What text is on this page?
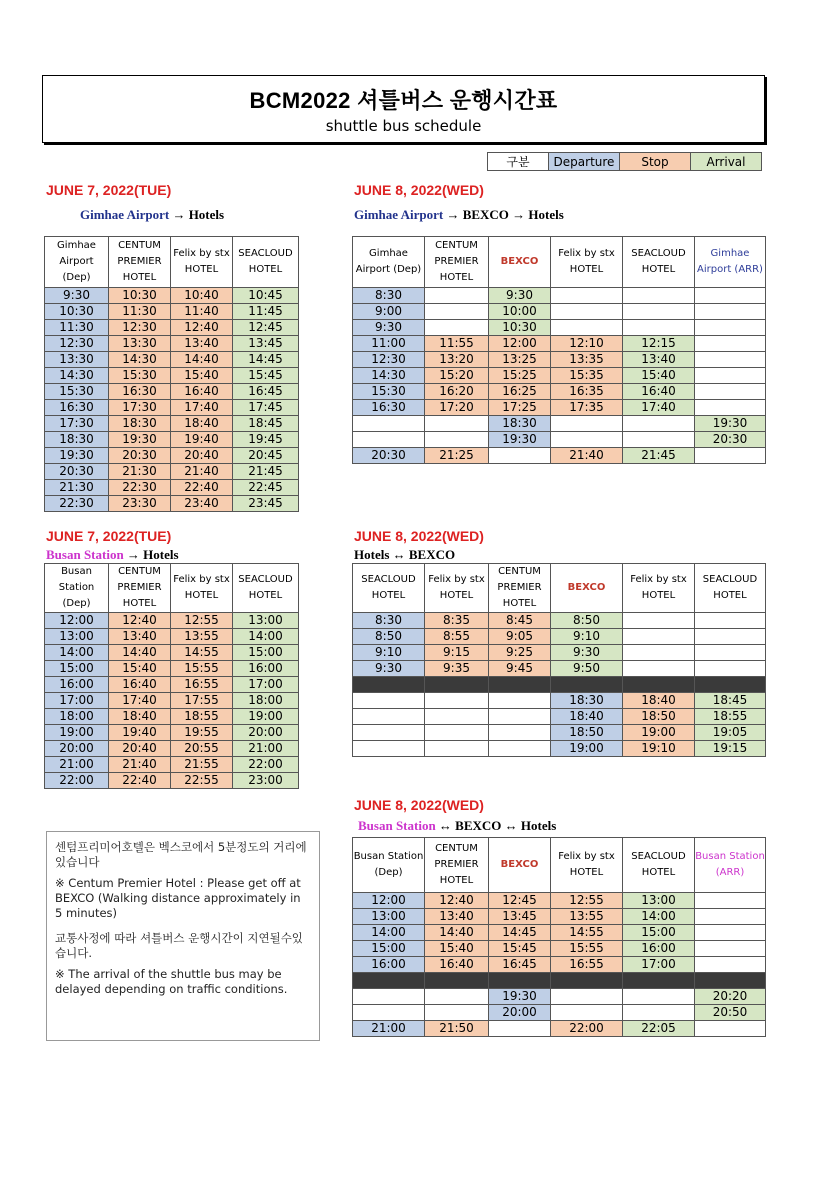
BCM2022 셔틀버스 운행시간표
shuttle bus schedule
구분	Departure	Stop	Arrival
JUNE 7, 2022(TUE)
Gimhae Airport → Hotels
JUNE 8, 2022(WED)
Gimhae Airport → BEXCO → Hotels
Gimhae Airport (Dep)	CENTUM PREMIER HOTEL	Felix by stx HOTEL	SEACLOUD HOTEL
9:30	10:30	10:40	10:45
10:30	11:30	11:40	11:45
11:30	12:30	12:40	12:45
12:30	13:30	13:40	13:45
13:30	14:30	14:40	14:45
14:30	15:30	15:40	15:45
15:30	16:30	16:40	16:45
16:30	17:30	17:40	17:45
17:30	18:30	18:40	18:45
18:30	19:30	19:40	19:45
19:30	20:30	20:40	20:45
20:30	21:30	21:40	21:45
21:30	22:30	22:40	22:45
22:30	23:30	23:40	23:45
Gimhae Airport (Dep)	CENTUM PREMIER HOTEL	BEXCO	Felix by stx HOTEL	SEACLOUD HOTEL	Gimhae Airport (ARR)
8:30		9:30			
9:00		10:00			
9:30		10:30			
11:00	11:55	12:00	12:10	12:15	
12:30	13:20	13:25	13:35	13:40	
14:30	15:20	15:25	15:35	15:40	
15:30	16:20	16:25	16:35	16:40	
16:30	17:20	17:25	17:35	17:40	
		18:30			19:30
		19:30			20:30
20:30	21:25		21:40	21:45	
JUNE 7, 2022(TUE)
Busan Station → Hotels
JUNE 8, 2022(WED)
Hotels ↔ BEXCO
Busan Station (Dep)	CENTUM PREMIER HOTEL	Felix by stx HOTEL	SEACLOUD HOTEL
12:00	12:40	12:55	13:00
13:00	13:40	13:55	14:00
14:00	14:40	14:55	15:00
15:00	15:40	15:55	16:00
16:00	16:40	16:55	17:00
17:00	17:40	17:55	18:00
18:00	18:40	18:55	19:00
19:00	19:40	19:55	20:00
20:00	20:40	20:55	21:00
21:00	21:40	21:55	22:00
22:00	22:40	22:55	23:00
SEACLOUD HOTEL	Felix by stx HOTEL	CENTUM PREMIER HOTEL	BEXCO	Felix by stx HOTEL	SEACLOUD HOTEL
8:30	8:35	8:45	8:50		
8:50	8:55	9:05	9:10		
9:10	9:15	9:25	9:30		
9:30	9:35	9:45	9:50		

			18:30	18:40	18:45
			18:40	18:50	18:55
			18:50	19:00	19:05
			19:00	19:10	19:15
JUNE 8, 2022(WED)
Busan Station ↔ BEXCO ↔ Hotels
Busan Station (Dep)	CENTUM PREMIER HOTEL	BEXCO	Felix by stx HOTEL	SEACLOUD HOTEL	Busan Station (ARR)
12:00	12:40	12:45	12:55	13:00	
13:00	13:40	13:45	13:55	14:00	
14:00	14:40	14:45	14:55	15:00	
15:00	15:40	15:45	15:55	16:00	
16:00	16:40	16:45	16:55	17:00	

		19:30			20:20
		20:00			20:50
21:00	21:50		22:00	22:05	

센텀프리미어호텔은 벡스코에서 5분정도의 거리에 있습니다

※ Centum Premier Hotel : Please get off at BEXCO (Walking distance approximately in 5 minutes)

교통사정에 따라 셔틀버스 운행시간이 지연될수있습니다.

※ The arrival of the shuttle bus may be delayed depending on traffic conditions.
